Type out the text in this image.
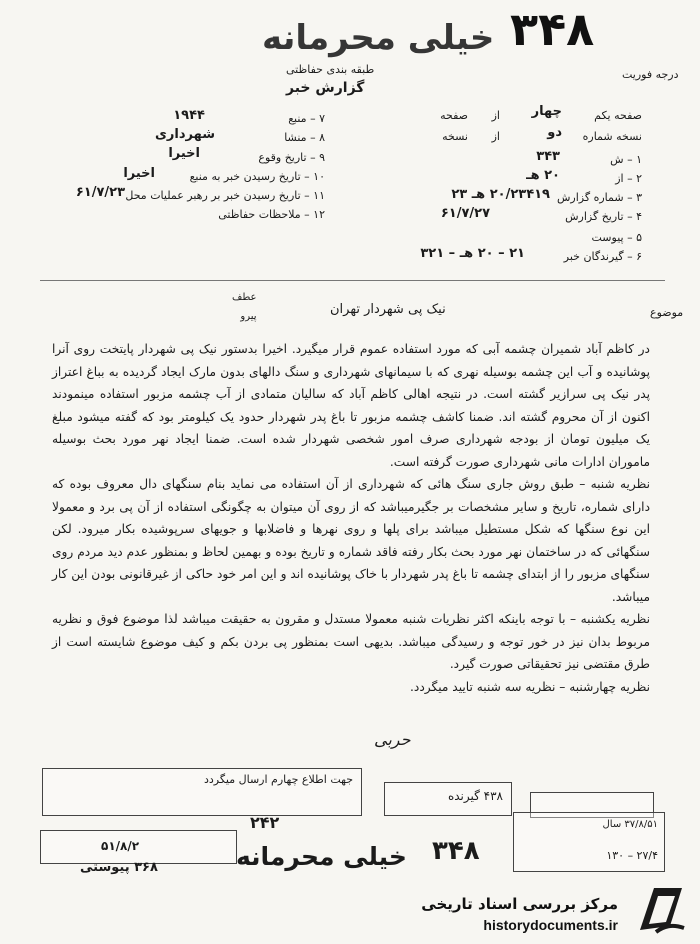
۳۴۸
خیلی محرمانه
درجه فوریت
طبقه بندی حفاظتی
گزارش خبر
صفحه یکم
از چهار
صفحه
نسخه شماره
از	دو
نسخه
۱ – ش
۳۴۳
۲ – از
۲۰ هـ
۳ – شماره گزارش
۲۰/۲۳۴۱۹ هـ ۲۳
۴ – تاریخ گزارش
۶۱/۷/۲۷
۵ – پیوست
۶ – گیرندگان خبر
۲۱ – ۲۰ هـ – ۳۲۱
۷ – منبع
۱۹۴۴
۸ – منشا
شهرداری
۹ – تاریخ وقوع
اخیرا
۱۰ – تاریخ رسیدن خبر به منبع
اخیرا
۱۱ – تاریخ رسیدن خبر بر رهبر عملیات محل
۶۱/۷/۲۳
۱۲ – ملاحظات حفاظتی
عطف
پیرو	موضوع
نیک پی شهردار تهران

در کاظم آباد شمیران چشمه آبی که مورد استفاده عموم قرار میگیرد. اخیرا بدستور نیک پی شهردار پایتخت روی آنرا پوشانیده و آب این چشمه بوسیله نهری که با سیمانهای شهرداری و سنگ دالهای بدون مارک ایجاد گردیده به بباغ اعتراز پدر نیک پی سرازیر گشته است. در نتیجه اهالی کاظم آباد که سالیان متمادی از آب چشمه مزبور استفاده مینمودند اکنون از آن محروم گشته اند. ضمنا کاشف چشمه مزبور تا باغ پدر شهردار حدود یک کیلومتر بود که گفته میشود مبلغ یک میلیون تومان از بودجه شهرداری صرف امور شخصی شهردار شده است. ضمنا ایجاد نهر مورد بحث بوسیله ماموران ادارات مانی شهرداری صورت گرفته است.

نظریه شنبه – طبق روش جاری سنگ هائی که شهرداری از آن استفاده می نماید بنام سنگهای دال معروف بوده که دارای شماره، تاریخ و سایر مشخصات بر جگیرمیباشد که از روی آن میتوان به چگونگی استفاده از آن پی برد و معمولا این نوع سنگها که شکل مستطیل میباشد برای پلها و روی نهرها و فاضلابها و جویهای سرپوشیده بکار میرود. لکن سنگهائی که در ساختمان نهر مورد بحث بکار رفته فاقد شماره و تاریخ بوده و بهمین لحاظ و بمنظور عدم دید مردم روی سنگهای مزبور را از ابتدای چشمه تا باغ پدر شهردار با خاک پوشانیده اند و این امر خود حاکی از غیرقانونی بودن این کار میباشد.

نظریه یکشنبه – با توجه باینکه اکثر نظریات شنبه معمولا مستدل و مقرون به حقیقت میباشد لذا موضوع فوق و نظریه مربوط بدان نیز در خور توجه و رسیدگی میباشد. بدیهی است بمنظور پی بردن بکم و کیف موضوع شایسته است از طرق مقتضی نیز تحقیقاتی صورت گیرد.

نظریه چهارشنبه – نظریه سه شنبه تایید میگردد.

حربی
جهت اطلاع چهارم ارسال میگردد
۴۳۸ گیرنده
۵۱/۸/۲
۳۶۸ پیوستی
۳۷/۸/۵۱ سال
۱۳۰ – ۲۷/۴
۲۴۲
۳۴۸
خیلی محرمانه
مرکز بررسی اسناد تاریخی
historydocuments.ir
